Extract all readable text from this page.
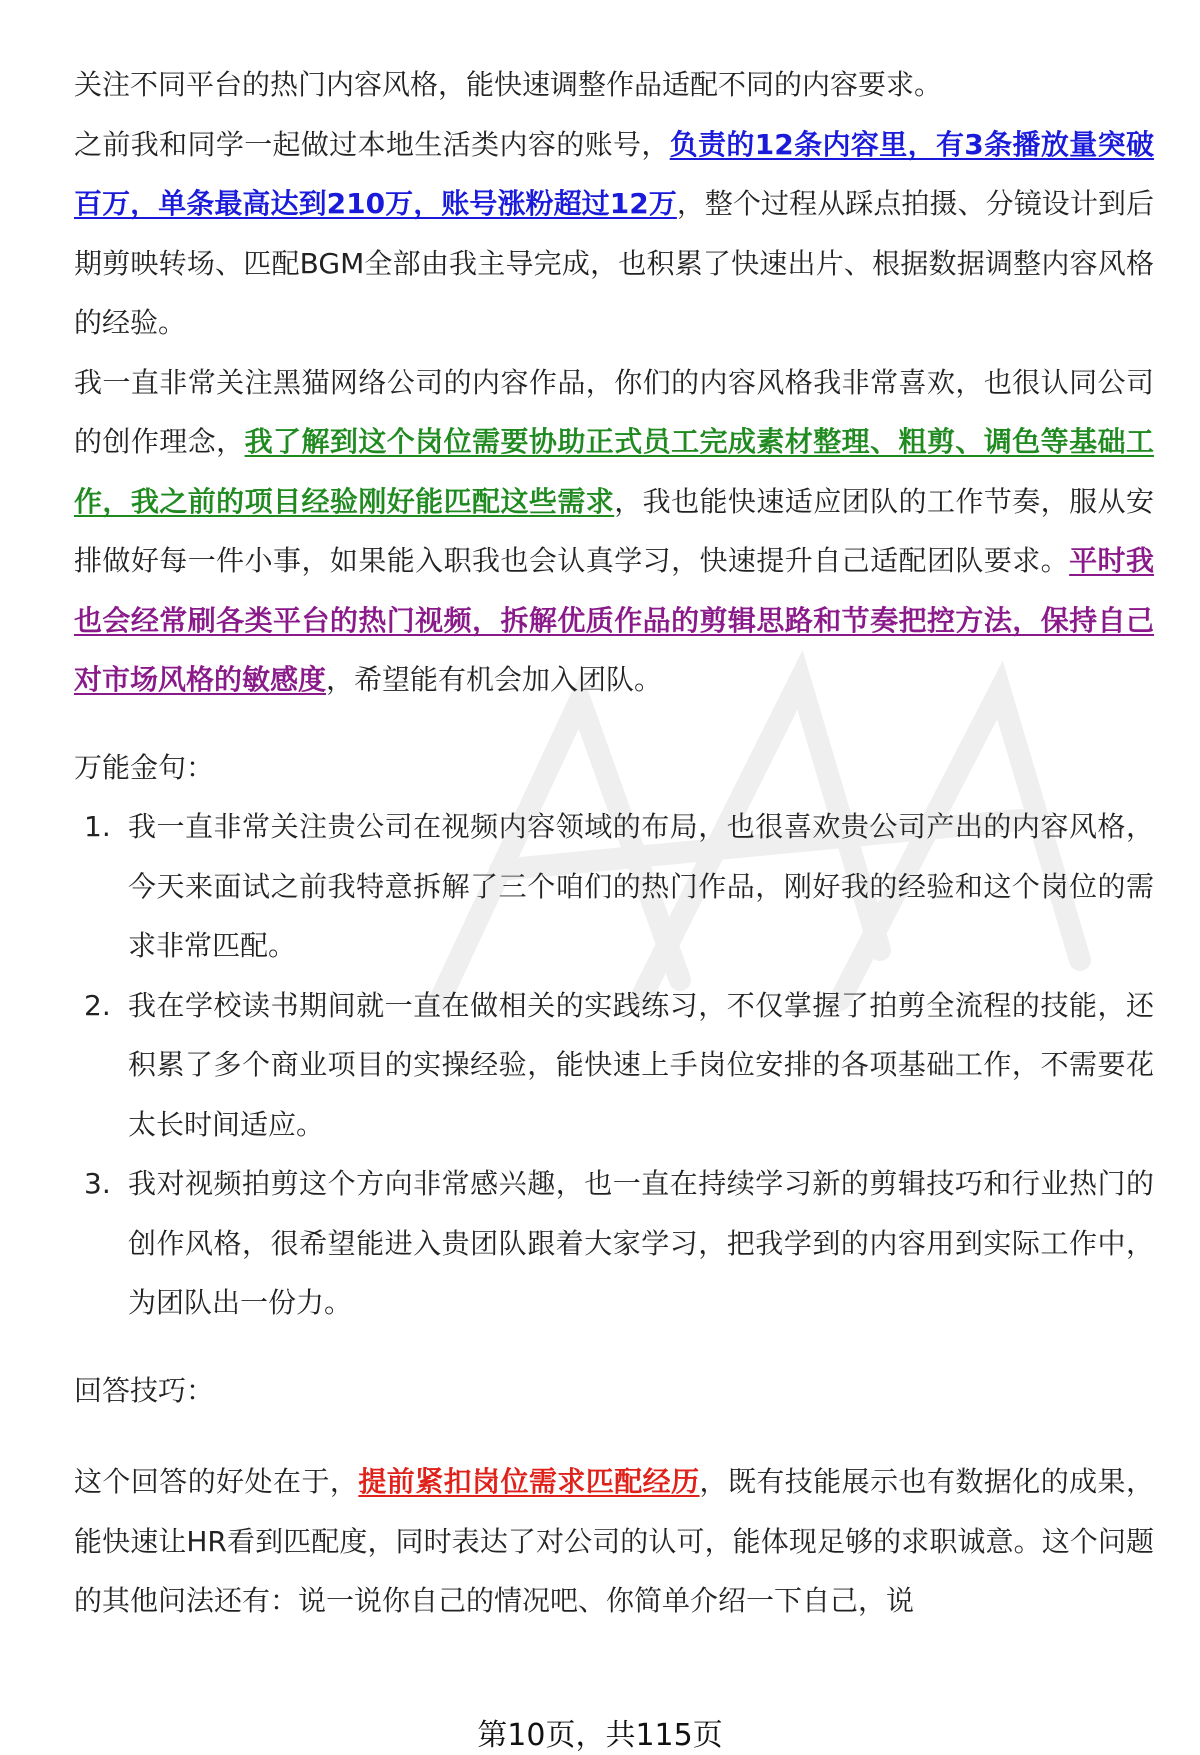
关注不同平台的热门内容风格，能快速调整作品适配不同的内容要求。

之前我和同学一起做过本地生活类内容的账号，负责的12条内容里，有3条播放量突破百万，单条最高达到210万，账号涨粉超过12万，整个过程从踩点拍摄、分镜设计到后期剪映转场、匹配BGM全部由我主导完成，也积累了快速出片、根据数据调整内容风格的经验。

我一直非常关注黑猫网络公司的内容作品，你们的内容风格我非常喜欢，也很认同公司的创作理念，我了解到这个岗位需要协助正式员工完成素材整理、粗剪、调色等基础工作，我之前的项目经验刚好能匹配这些需求，我也能快速适应团队的工作节奏，服从安排做好每一件小事，如果能入职我也会认真学习，快速提升自己适配团队要求。平时我也会经常刷各类平台的热门视频，拆解优质作品的剪辑思路和节奏把控方法，保持自己对市场风格的敏感度，希望能有机会加入团队。

万能金句：

1. 我一直非常关注贵公司在视频内容领域的布局，也很喜欢贵公司产出的内容风格，今天来面试之前我特意拆解了三个咱们的热门作品，刚好我的经验和这个岗位的需求非常匹配。
2. 我在学校读书期间就一直在做相关的实践练习，不仅掌握了拍剪全流程的技能，还积累了多个商业项目的实操经验，能快速上手岗位安排的各项基础工作，不需要花太长时间适应。
3. 我对视频拍剪这个方向非常感兴趣，也一直在持续学习新的剪辑技巧和行业热门的创作风格，很希望能进入贵团队跟着大家学习，把我学到的内容用到实际工作中，为团队出一份力。

回答技巧：

这个回答的好处在于，提前紧扣岗位需求匹配经历，既有技能展示也有数据化的成果，能快速让HR看到匹配度，同时表达了对公司的认可，能体现足够的求职诚意。这个问题的其他问法还有：说一说你自己的情况吧、你简单介绍一下自己，说

第10页，共115页
